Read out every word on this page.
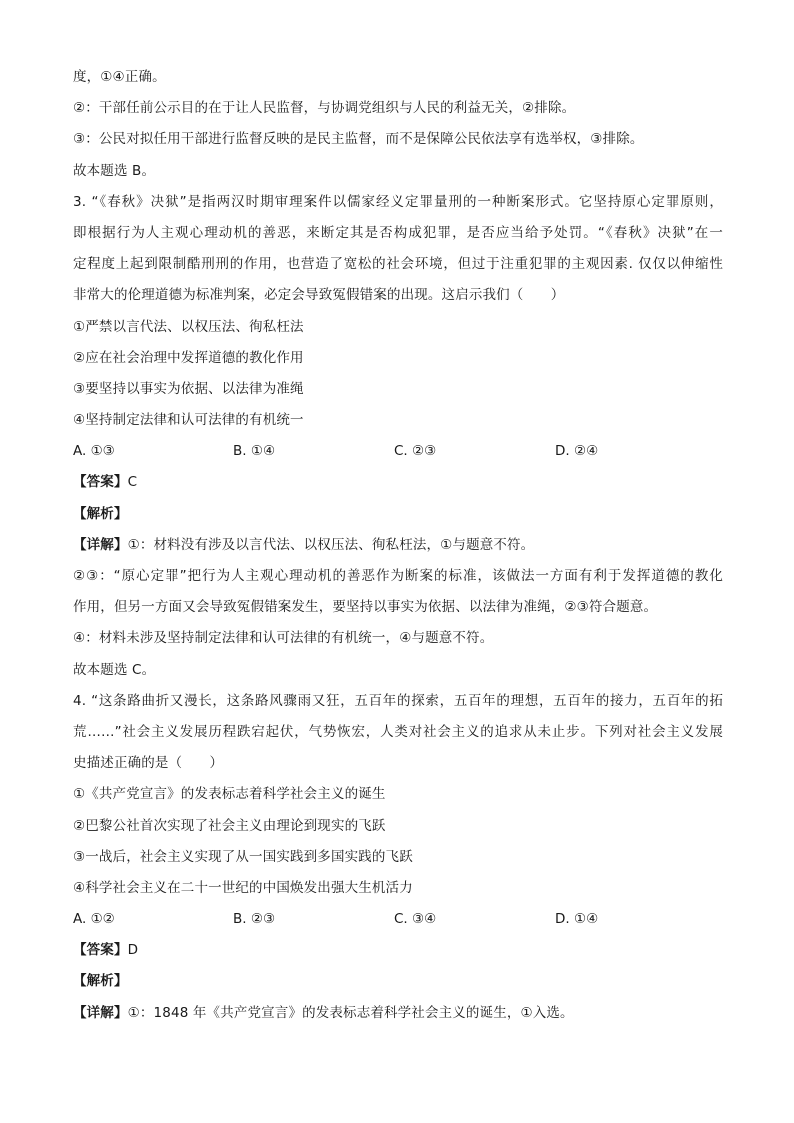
度，①④正确。
②：干部任前公示目的在于让人民监督，与协调党组织与人民的利益无关，②排除。
③：公民对拟任用干部进行监督反映的是民主监督，而不是保障公民依法享有选举权，③排除。
故本题选 B。
3. “《春秋》决狱”是指两汉时期审理案件以儒家经义定罪量刑的一种断案形式。它坚持原心定罪原则，
即根据行为人主观心理动机的善恶，来断定其是否构成犯罪，是否应当给予处罚。“《春秋》决狱”在一
定程度上起到限制酷刑刑的作用，也营造了宽松的社会环境，但过于注重犯罪的主观因素. 仅仅以伸缩性
非常大的伦理道德为标准判案，必定会导致冤假错案的出现。这启示我们（　　）
①严禁以言代法、以权压法、徇私枉法
②应在社会治理中发挥道德的教化作用
③要坚持以事实为依据、以法律为准绳
④坚持制定法律和认可法律的有机统一
A. ①③	B. ①④	C. ②③	D. ②④
【答案】C
【解析】
【详解】①：材料没有涉及以言代法、以权压法、徇私枉法，①与题意不符。
②③：“原心定罪”把行为人主观心理动机的善恶作为断案的标准，该做法一方面有利于发挥道德的教化
作用，但另一方面又会导致冤假错案发生，要坚持以事实为依据、以法律为准绳，②③符合题意。
④：材料未涉及坚持制定法律和认可法律的有机统一，④与题意不符。
故本题选 C。
4. “这条路曲折又漫长，这条路风骤雨又狂，五百年的探索，五百年的理想，五百年的接力，五百年的拓
荒……”社会主义发展历程跌宕起伏，气势恢宏，人类对社会主义的追求从未止步。下列对社会主义发展
史描述正确的是（　　）
①《共产党宣言》的发表标志着科学社会主义的诞生
②巴黎公社首次实现了社会主义由理论到现实的飞跃
③一战后，社会主义实现了从一国实践到多国实践的飞跃
④科学社会主义在二十一世纪的中国焕发出强大生机活力
A. ①②	B. ②③	C. ③④	D. ①④
【答案】D
【解析】
【详解】①：1848 年《共产党宣言》的发表标志着科学社会主义的诞生，①入选。
